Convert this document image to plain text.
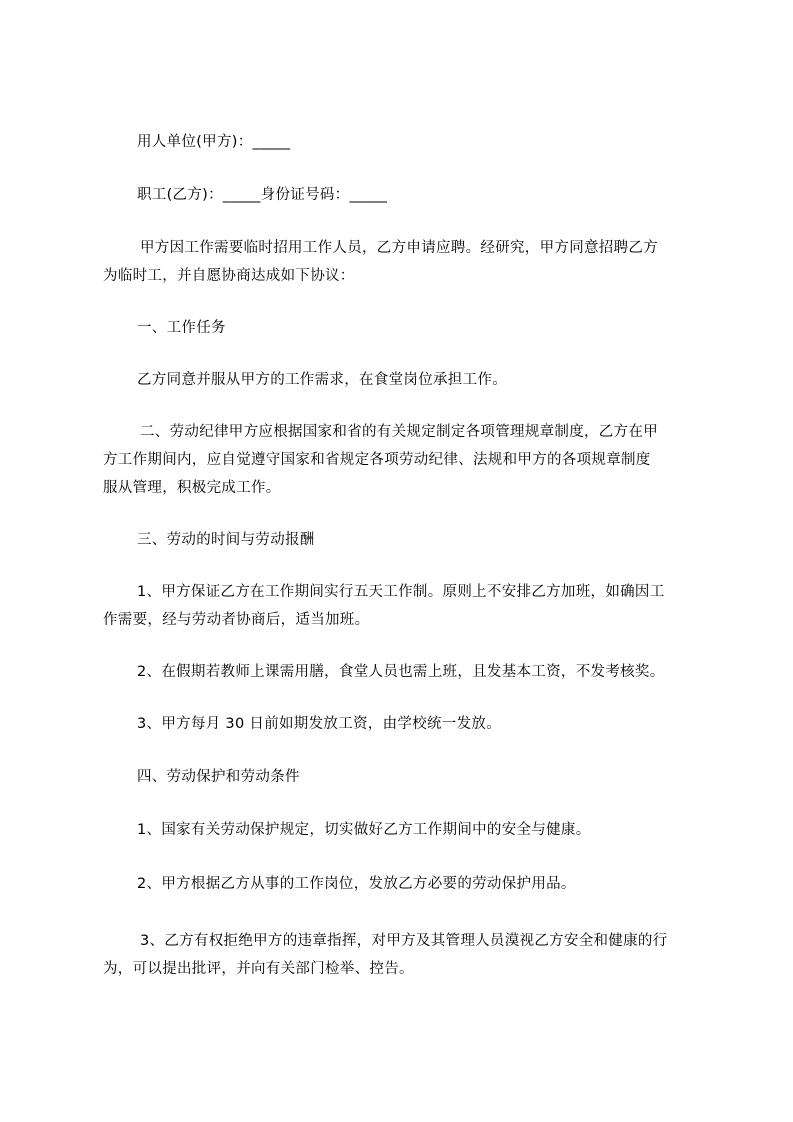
用人单位(甲方)：_____
职工(乙方)：_____身份证号码：_____
甲方因工作需要临时招用工作人员，乙方申请应聘。经研究，甲方同意招聘乙方
为临时工，并自愿协商达成如下协议：
一、工作任务
乙方同意并服从甲方的工作需求，在食堂岗位承担工作。
二、劳动纪律甲方应根据国家和省的有关规定制定各项管理规章制度，乙方在甲
方工作期间内，应自觉遵守国家和省规定各项劳动纪律、法规和甲方的各项规章制度
服从管理，积极完成工作。
三、劳动的时间与劳动报酬
1、甲方保证乙方在工作期间实行五天工作制。原则上不安排乙方加班，如确因工
作需要，经与劳动者协商后，适当加班。
2、在假期若教师上课需用膳，食堂人员也需上班，且发基本工资，不发考核奖。
3、甲方每月 30 日前如期发放工资，由学校统一发放。
四、劳动保护和劳动条件
1、国家有关劳动保护规定，切实做好乙方工作期间中的安全与健康。
2、甲方根据乙方从事的工作岗位，发放乙方必要的劳动保护用品。
3、乙方有权拒绝甲方的违章指挥，对甲方及其管理人员漠视乙方安全和健康的行
为，可以提出批评，并向有关部门检举、控告。
